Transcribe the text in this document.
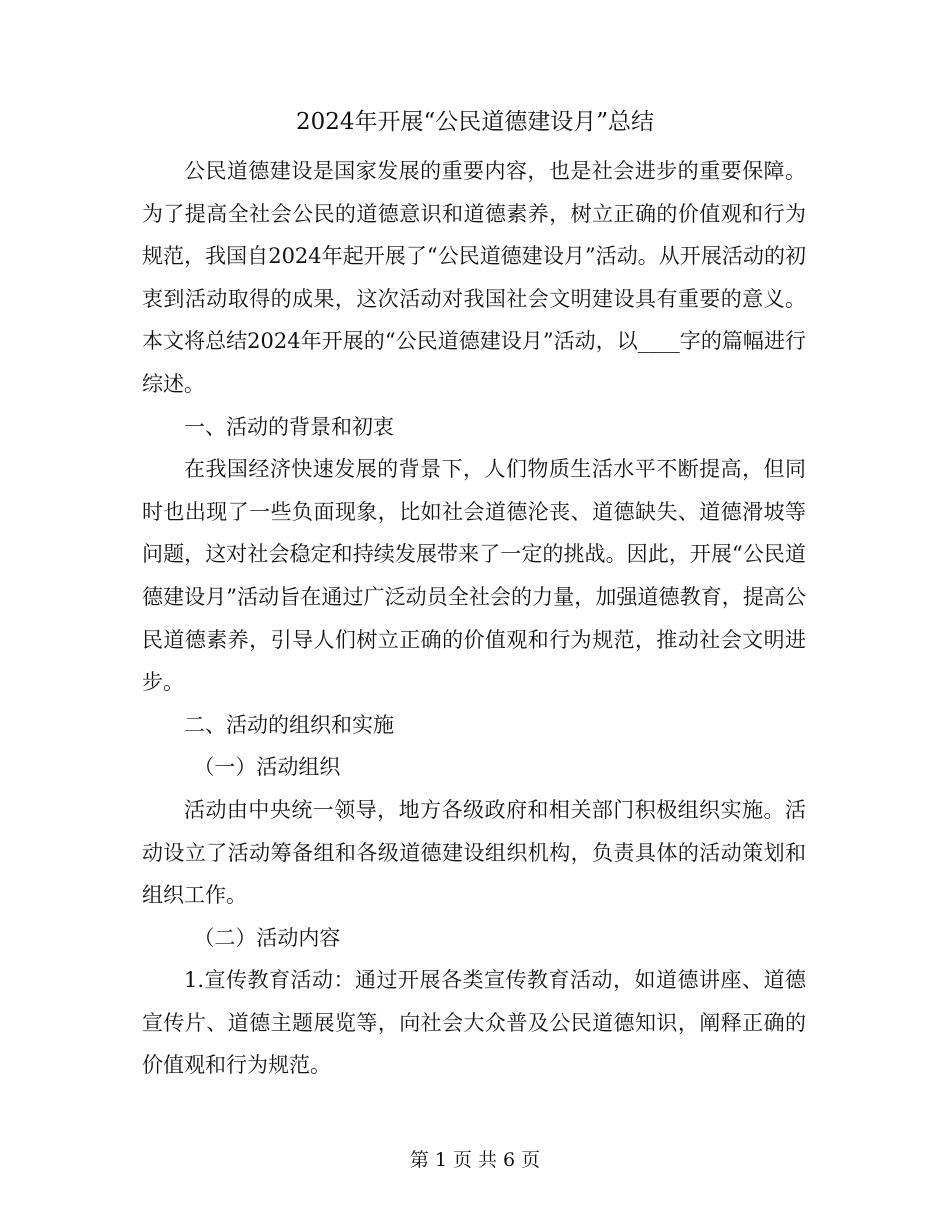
2024年开展“公民道德建设月”总结

公民道德建设是国家发展的重要内容，也是社会进步的重要保障。为了提高全社会公民的道德意识和道德素养，树立正确的价值观和行为规范，我国自2024年起开展了“公民道德建设月”活动。从开展活动的初衷到活动取得的成果，这次活动对我国社会文明建设具有重要的意义。本文将总结2024年开展的“公民道德建设月”活动，以____字的篇幅进行综述。

一、活动的背景和初衷

在我国经济快速发展的背景下，人们物质生活水平不断提高，但同时也出现了一些负面现象，比如社会道德沦丧、道德缺失、道德滑坡等问题，这对社会稳定和持续发展带来了一定的挑战。因此，开展“公民道德建设月”活动旨在通过广泛动员全社会的力量，加强道德教育，提高公民道德素养，引导人们树立正确的价值观和行为规范，推动社会文明进步。

二、活动的组织和实施

（一）活动组织

活动由中央统一领导，地方各级政府和相关部门积极组织实施。活动设立了活动筹备组和各级道德建设组织机构，负责具体的活动策划和组织工作。

（二）活动内容

1.宣传教育活动：通过开展各类宣传教育活动，如道德讲座、道德宣传片、道德主题展览等，向社会大众普及公民道德知识，阐释正确的价值观和行为规范。

第 1 页 共 6 页
